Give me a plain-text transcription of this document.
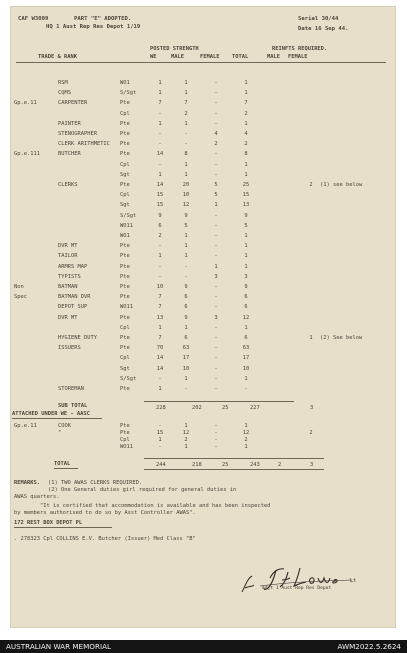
CAF W3009	PART "E" ADOPTED.
HQ 1 Aust Rep Res Depot 1/19
Serial 30/44
Date 16 Sep 44.
POSTED STRENGTH	REINFTS REQUIRED.
TRADE & RANK	WE	MALE	FEMALE TOTAL	MALE FEMALE
RSM	WO1	1	1	-	1
CQMS	S/Sgt	1	1	-	1
Gp.e.11	CARPENTER	Pte	7	7	-	7
Cpl	-	2	-	2
PAINTER	Pte	1	1	-	1
STENOGRAPHER	Pte	-	-	4	4
CLERK ARITHMETIC Pte	-	-	2	2
Gp.e.111	BUTCHER	Pte	14	8	-	8
Cpl	-	1	-	1
Sgt	1	1	-	1
CLERKS	Pte	14	20	5	25	2	(1) see below
Cpl	15	10	5	15
Sgt	15	12	1	13
S/Sgt	9	9	-	9
WO11	6	5	-	5
WO1	2	1	-	1
DVR MT	Pte	-	1	-	1
TAILOR	Pte	1	1	-	1
ARMRS MAP	Pte	-	-	1	1
TYPISTS	Pte	-	-	3	3
Non	BATMAN	Pte	10	9	-	9
Spec	BATMAN DVR	Pte	7	6	-	6
DEPOT SUP	WO11	7	6	-	6
DVR MT	Pte	13	9	3	12
Cpl	1	1	-	1
HYGIENE DUTY	Pte	7	6	-	6	1	(2) See below
ISSUERS	Pte	70	63	-	63
Cpl	14	17	-	17
Sgt	14	10	-	10
S/Sgt	-	1	-	1
STOREMAN	Pte	1	-	-	-
SUB TOTAL	228	202	25	227	3
ATTACHED UNDER WE - AASC
Gp.e.11	COOK	Pte	-	1	-	1
"	Pte	15	12	-	12	2
Cpl	1	2	-	2
WO11	-	1	-	1
TOTAL	244	218	25	243	2	3
REMARKS. (1) TWO AWAS CLERKS REQUIRED.
(2) One General duties girl required for general duties in
AWAS quarters.
"It is certified that accommodation is available and has been inspected
by members authorised to do so by Asst Controller AWAS".
172 REST BOX DEPOT PL
. 278323 Cpl COLLINS E.V. Butcher (Issuer) Med Class "B"
Lt
Adjt 1 Aust Rep Res Depot
AUSTRALIAN WAR MEMORIAL	AWM2022.5.2624
